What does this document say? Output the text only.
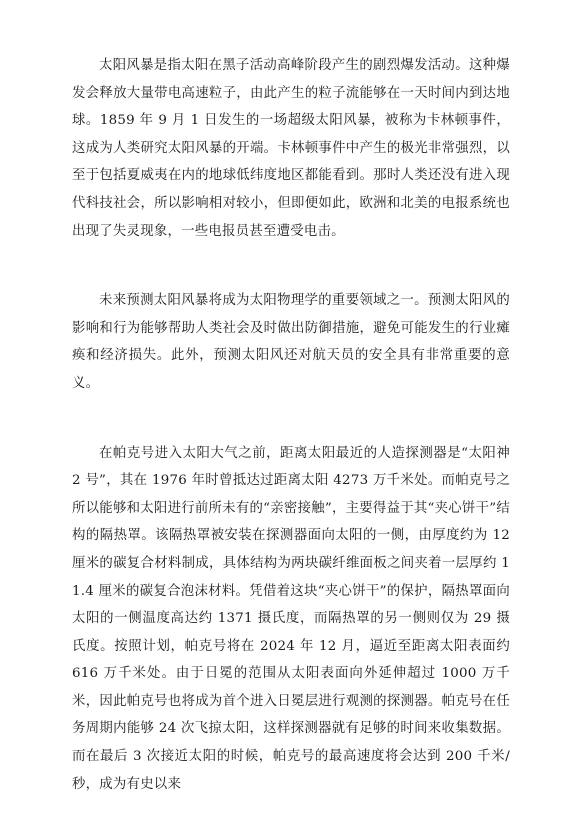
太阳风暴是指太阳在黑子活动高峰阶段产生的剧烈爆发活动。这种爆发会释放大量带电高速粒子，由此产生的粒子流能够在一天时间内到达地球。1859 年 9 月 1 日发生的一场超级太阳风暴，被称为卡林顿事件，这成为人类研究太阳风暴的开端。卡林顿事件中产生的极光非常强烈，以至于包括夏威夷在内的地球低纬度地区都能看到。那时人类还没有进入现代科技社会，所以影响相对较小，但即便如此，欧洲和北美的电报系统也出现了失灵现象，一些电报员甚至遭受电击。

未来预测太阳风暴将成为太阳物理学的重要领域之一。预测太阳风的影响和行为能够帮助人类社会及时做出防御措施，避免可能发生的行业瘫痪和经济损失。此外，预测太阳风还对航天员的安全具有非常重要的意义。

在帕克号进入太阳大气之前，距离太阳最近的人造探测器是“太阳神 2 号”，其在 1976 年时曾抵达过距离太阳 4273 万千米处。而帕克号之所以能够和太阳进行前所未有的“亲密接触”，主要得益于其“夹心饼干”结构的隔热罩。该隔热罩被安装在探测器面向太阳的一侧，由厚度约为 12 厘米的碳复合材料制成，具体结构为两块碳纤维面板之间夹着一层厚约 11.4 厘米的碳复合泡沫材料。凭借着这块“夹心饼干”的保护，隔热罩面向太阳的一侧温度高达约 1371 摄氏度，而隔热罩的另一侧则仅为 29 摄氏度。按照计划，帕克号将在 2024 年 12 月，逼近至距离太阳表面约 616 万千米处。由于日冕的范围从太阳表面向外延伸超过 1000 万千米，因此帕克号也将成为首个进入日冕层进行观测的探测器。帕克号在任务周期内能够 24 次飞掠太阳，这样探测器就有足够的时间来收集数据。而在最后 3 次接近太阳的时候，帕克号的最高速度将会达到 200 千米/秒，成为有史以来
